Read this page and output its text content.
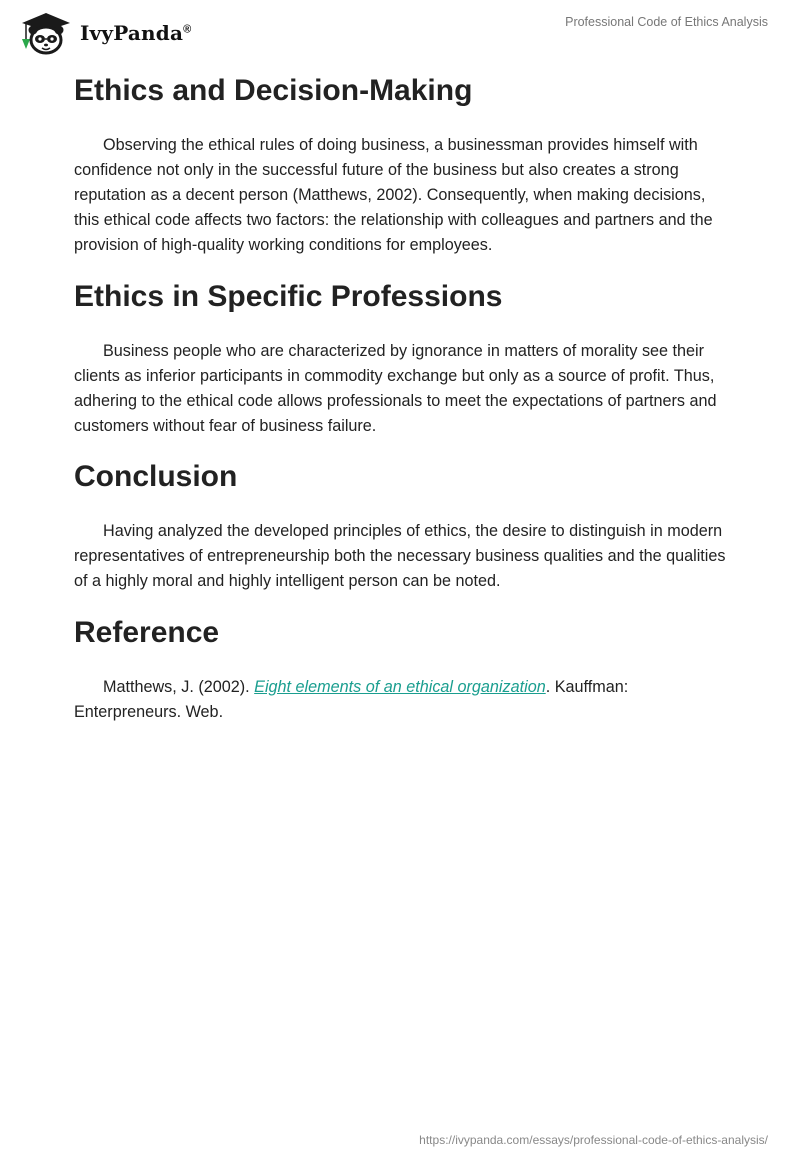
IvyPanda®
Professional Code of Ethics Analysis
Ethics and Decision-Making

Observing the ethical rules of doing business, a businessman provides himself with confidence not only in the successful future of the business but also creates a strong reputation as a decent person (Matthews, 2002). Consequently, when making decisions, this ethical code affects two factors: the relationship with colleagues and partners and the provision of high-quality working conditions for employees.

Ethics in Specific Professions

Business people who are characterized by ignorance in matters of morality see their clients as inferior participants in commodity exchange but only as a source of profit. Thus, adhering to the ethical code allows professionals to meet the expectations of partners and customers without fear of business failure.

Conclusion

Having analyzed the developed principles of ethics, the desire to distinguish in modern representatives of entrepreneurship both the necessary business qualities and the qualities of a highly moral and highly intelligent person can be noted.

Reference

Matthews, J. (2002). Eight elements of an ethical organization. Kauffman: Enterpreneurs. Web.

https://ivypanda.com/essays/professional-code-of-ethics-analysis/
